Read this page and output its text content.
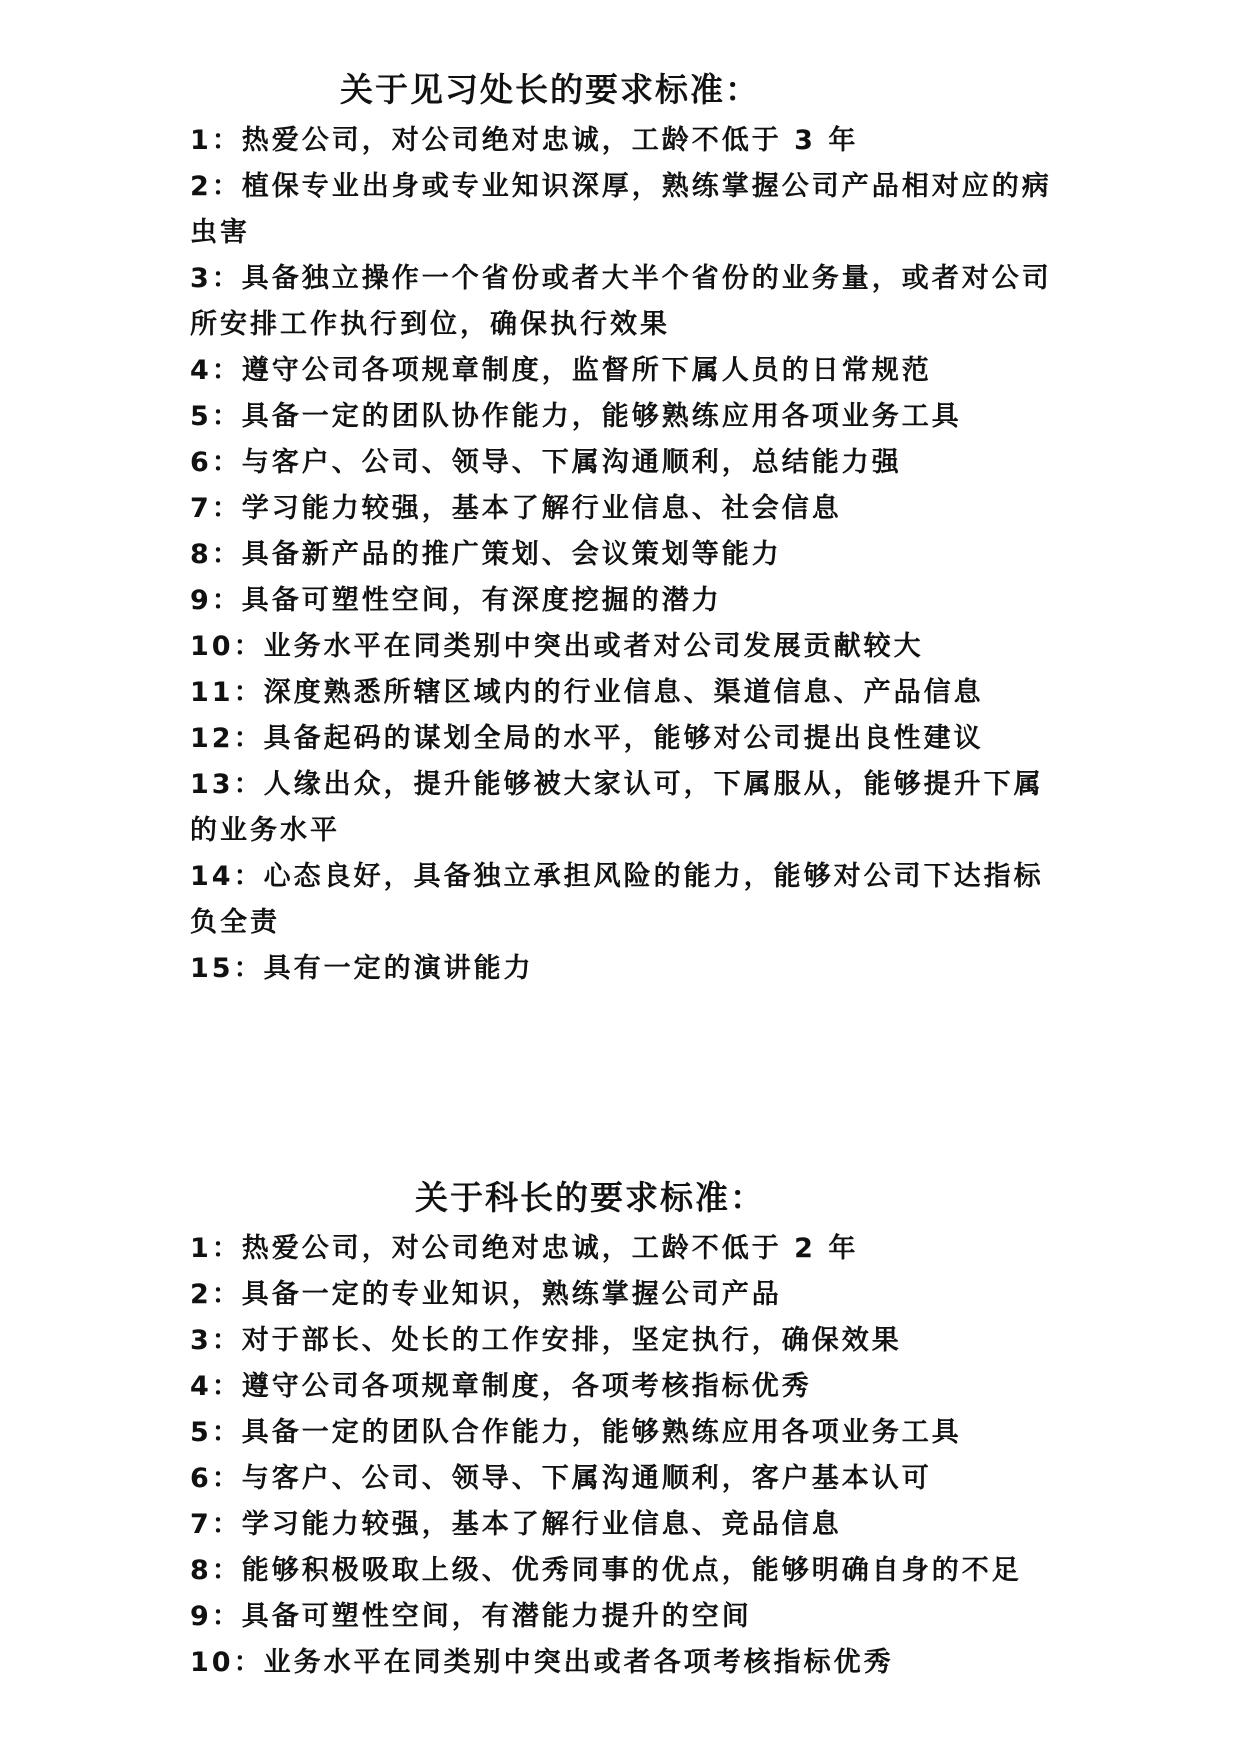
关于见习处长的要求标准：

1：热爱公司，对公司绝对忠诚，工龄不低于 3 年

2：植保专业出身或专业知识深厚，熟练掌握公司产品相对应的病虫害

3：具备独立操作一个省份或者大半个省份的业务量，或者对公司所安排工作执行到位，确保执行效果

4：遵守公司各项规章制度，监督所下属人员的日常规范

5：具备一定的团队协作能力，能够熟练应用各项业务工具

6：与客户、公司、领导、下属沟通顺利，总结能力强

7：学习能力较强，基本了解行业信息、社会信息

8：具备新产品的推广策划、会议策划等能力

9：具备可塑性空间，有深度挖掘的潜力

10：业务水平在同类别中突出或者对公司发展贡献较大

11：深度熟悉所辖区域内的行业信息、渠道信息、产品信息

12：具备起码的谋划全局的水平，能够对公司提出良性建议

13：人缘出众，提升能够被大家认可，下属服从，能够提升下属的业务水平

14：心态良好，具备独立承担风险的能力，能够对公司下达指标负全责

15：具有一定的演讲能力

关于科长的要求标准：

1：热爱公司，对公司绝对忠诚，工龄不低于 2 年

2：具备一定的专业知识，熟练掌握公司产品

3：对于部长、处长的工作安排，坚定执行，确保效果

4：遵守公司各项规章制度，各项考核指标优秀

5：具备一定的团队合作能力，能够熟练应用各项业务工具

6：与客户、公司、领导、下属沟通顺利，客户基本认可

7：学习能力较强，基本了解行业信息、竞品信息

8：能够积极吸取上级、优秀同事的优点，能够明确自身的不足

9：具备可塑性空间，有潜能力提升的空间

10：业务水平在同类别中突出或者各项考核指标优秀
